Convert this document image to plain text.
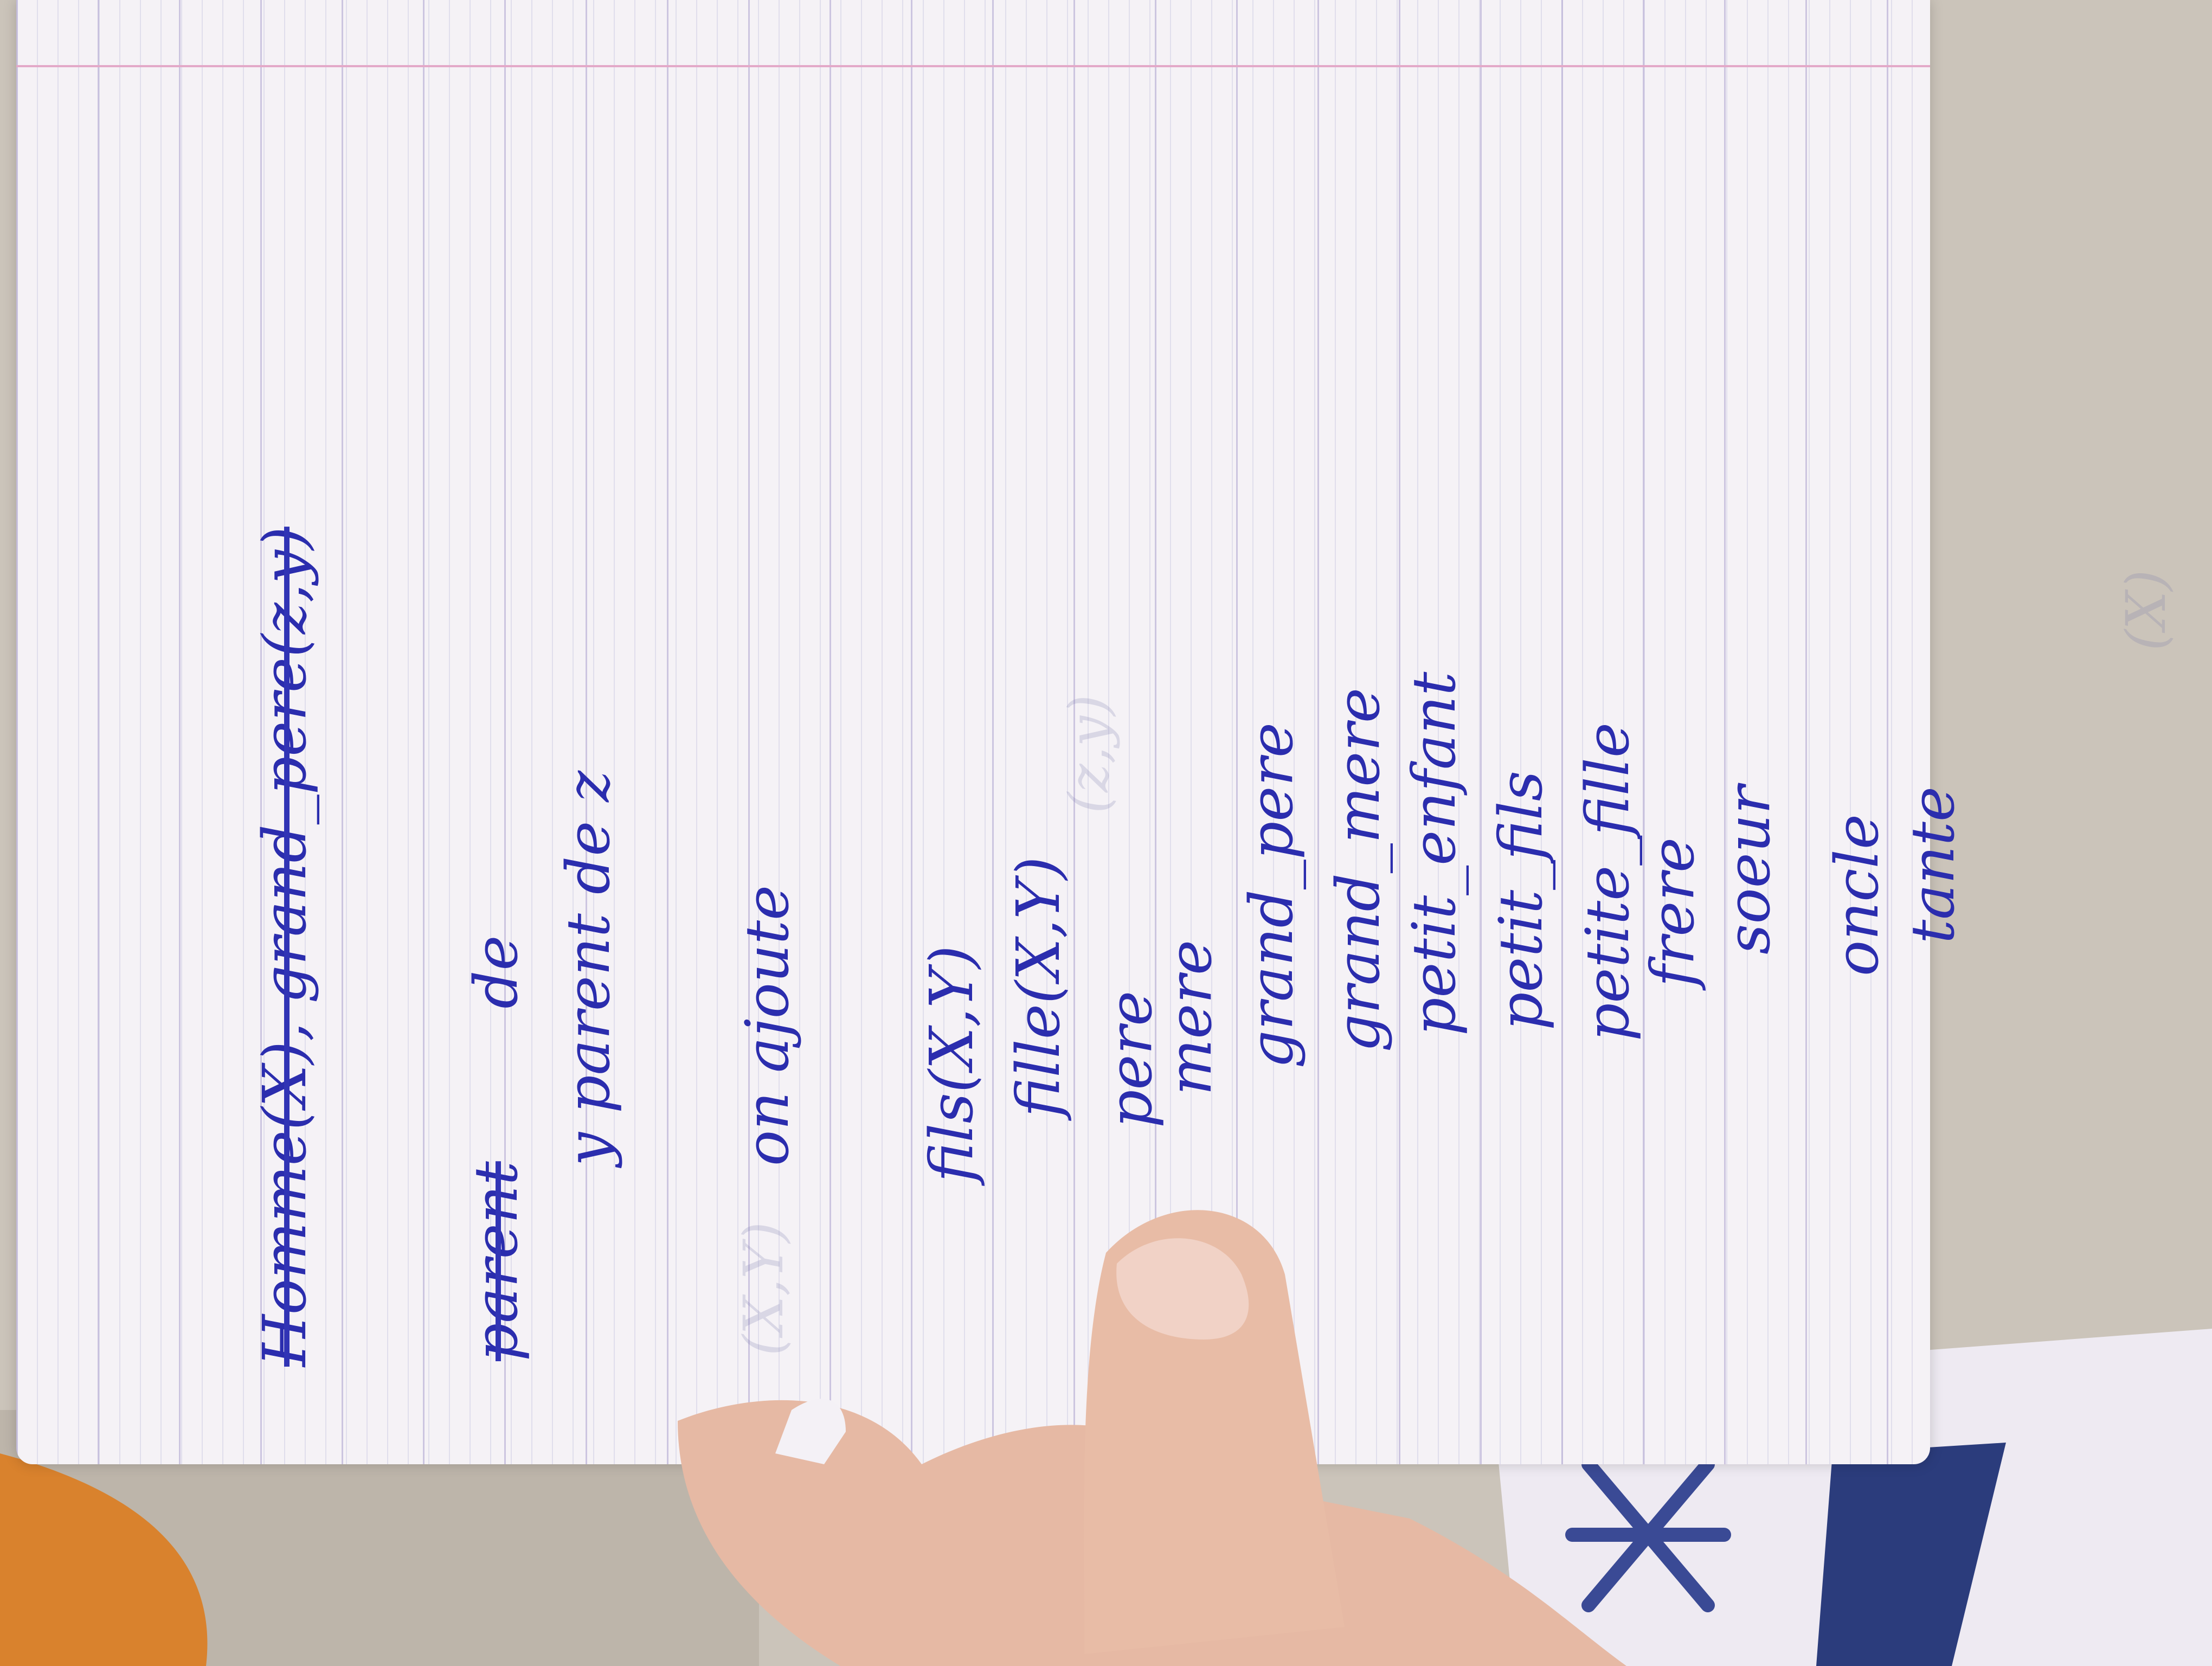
(X,Y)
(z,y)
(X)
Homme(X), grand_pere(z,y) parent
de y parent de z on ajoute fils(X,Y) fille(X,Y) pere
mere grand_pere grand_mere petit_enfant petit_fils petite_fille
frere soeur oncle tante
